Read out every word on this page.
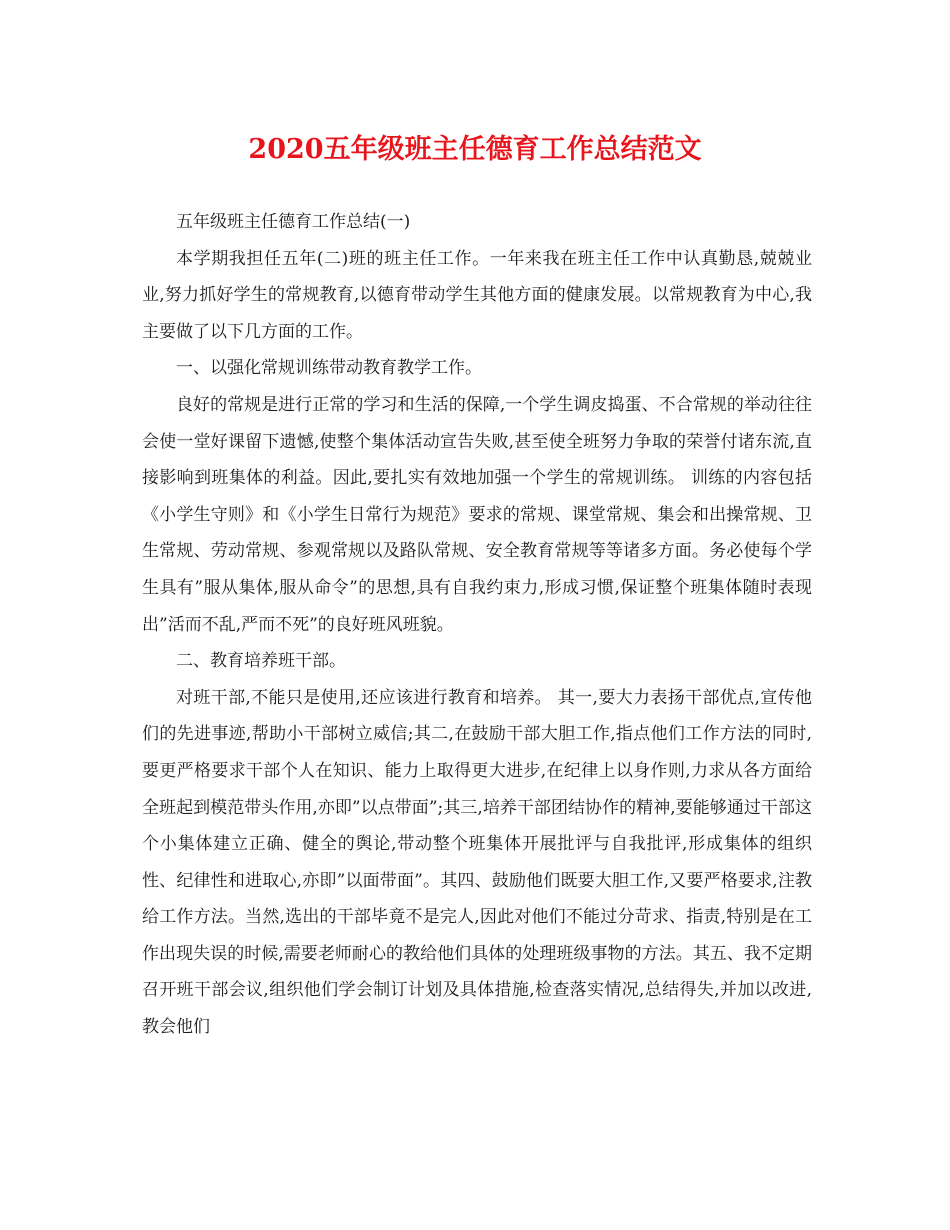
2020五年级班主任德育工作总结范文

五年级班主任德育工作总结(一)

本学期我担任五年(二)班的班主任工作。一年来我在班主任工作中认真勤恳,兢兢业业,努力抓好学生的常规教育,以德育带动学生其他方面的健康发展。以常规教育为中心,我主要做了以下几方面的工作。

一、以强化常规训练带动教育教学工作。

良好的常规是进行正常的学习和生活的保障,一个学生调皮捣蛋、不合常规的举动往往会使一堂好课留下遗憾,使整个集体活动宣告失败,甚至使全班努力争取的荣誉付诸东流,直接影响到班集体的利益。因此,要扎实有效地加强一个学生的常规训练。 训练的内容包括《小学生守则》和《小学生日常行为规范》要求的常规、课堂常规、集会和出操常规、卫生常规、劳动常规、参观常规以及路队常规、安全教育常规等等诸多方面。务必使每个学生具有”服从集体,服从命令”的思想,具有自我约束力,形成习惯,保证整个班集体随时表现出”活而不乱,严而不死”的良好班风班貌。

二、教育培养班干部。

对班干部,不能只是使用,还应该进行教育和培养。 其一,要大力表扬干部优点,宣传他们的先进事迹,帮助小干部树立威信;其二,在鼓励干部大胆工作,指点他们工作方法的同时,要更严格要求干部个人在知识、能力上取得更大进步,在纪律上以身作则,力求从各方面给全班起到模范带头作用,亦即”以点带面”;其三,培养干部团结协作的精神,要能够通过干部这个小集体建立正确、健全的舆论,带动整个班集体开展批评与自我批评,形成集体的组织性、纪律性和进取心,亦即”以面带面”。其四、鼓励他们既要大胆工作,又要严格要求,注教给工作方法。当然,选出的干部毕竟不是完人,因此对他们不能过分苛求、指责,特别是在工作出现失误的时候,需要老师耐心的教给他们具体的处理班级事物的方法。其五、我不定期召开班干部会议,组织他们学会制订计划及具体措施,检查落实情况,总结得失,并加以改进,教会他们
